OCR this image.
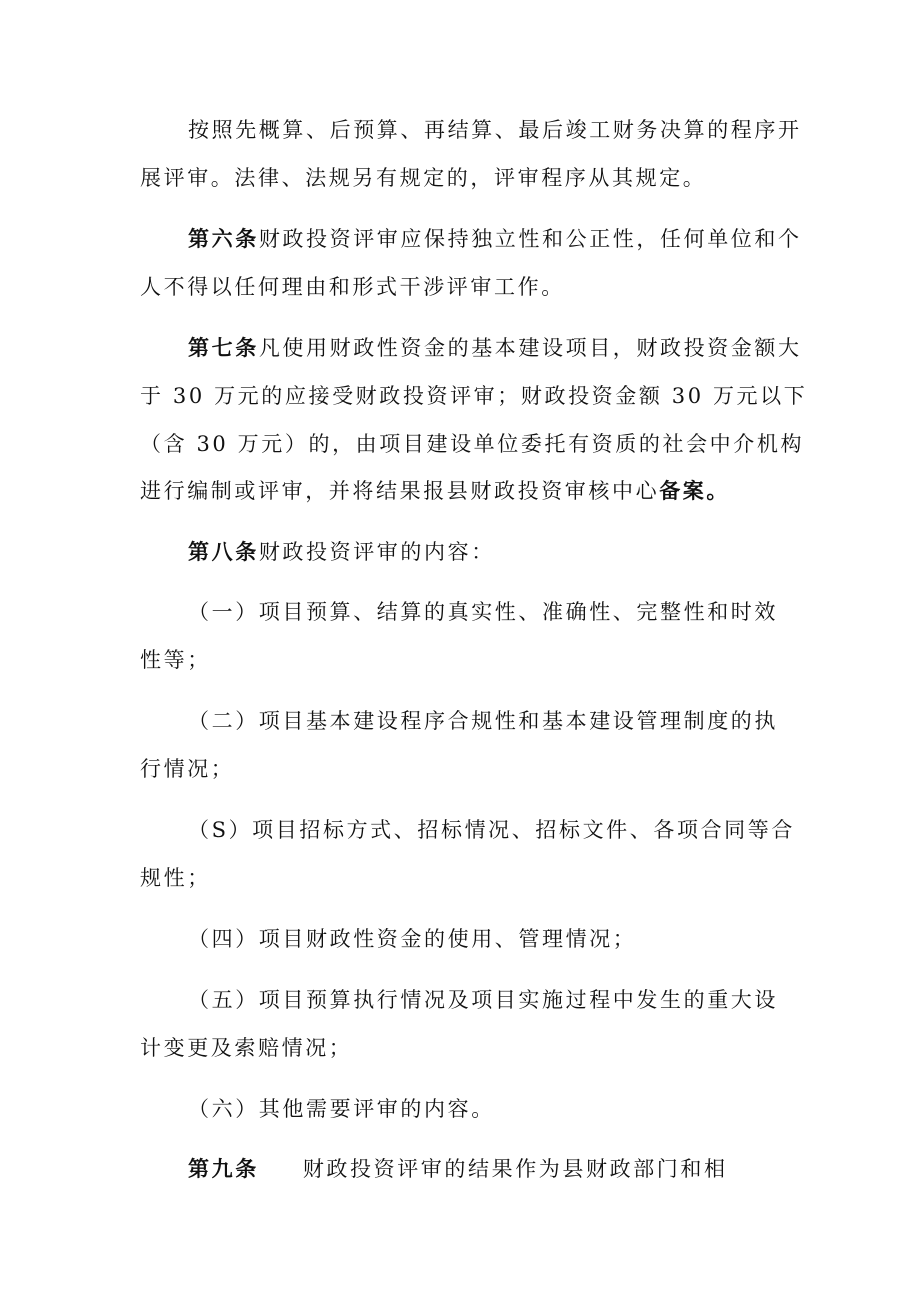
按照先概算、后预算、再结算、最后竣工财务决算的程序开
展评审。法律、法规另有规定的，评审程序从其规定。
第六条财政投资评审应保持独立性和公正性，任何单位和个
人不得以任何理由和形式干涉评审工作。
第七条凡使用财政性资金的基本建设项目，财政投资金额大
于 30 万元的应接受财政投资评审；财政投资金额 30 万元以下
（含 30 万元）的，由项目建设单位委托有资质的社会中介机构
进行编制或评审，并将结果报县财政投资审核中心备案。
第八条财政投资评审的内容：
（一）项目预算、结算的真实性、准确性、完整性和时效
性等；
（二）项目基本建设程序合规性和基本建设管理制度的执
行情况；
（S）项目招标方式、招标情况、招标文件、各项合同等合
规性；
（四）项目财政性资金的使用、管理情况；
（五）项目预算执行情况及项目实施过程中发生的重大设
计变更及索赔情况；
（六）其他需要评审的内容。
第九条 财政投资评审的结果作为县财政部门和相
